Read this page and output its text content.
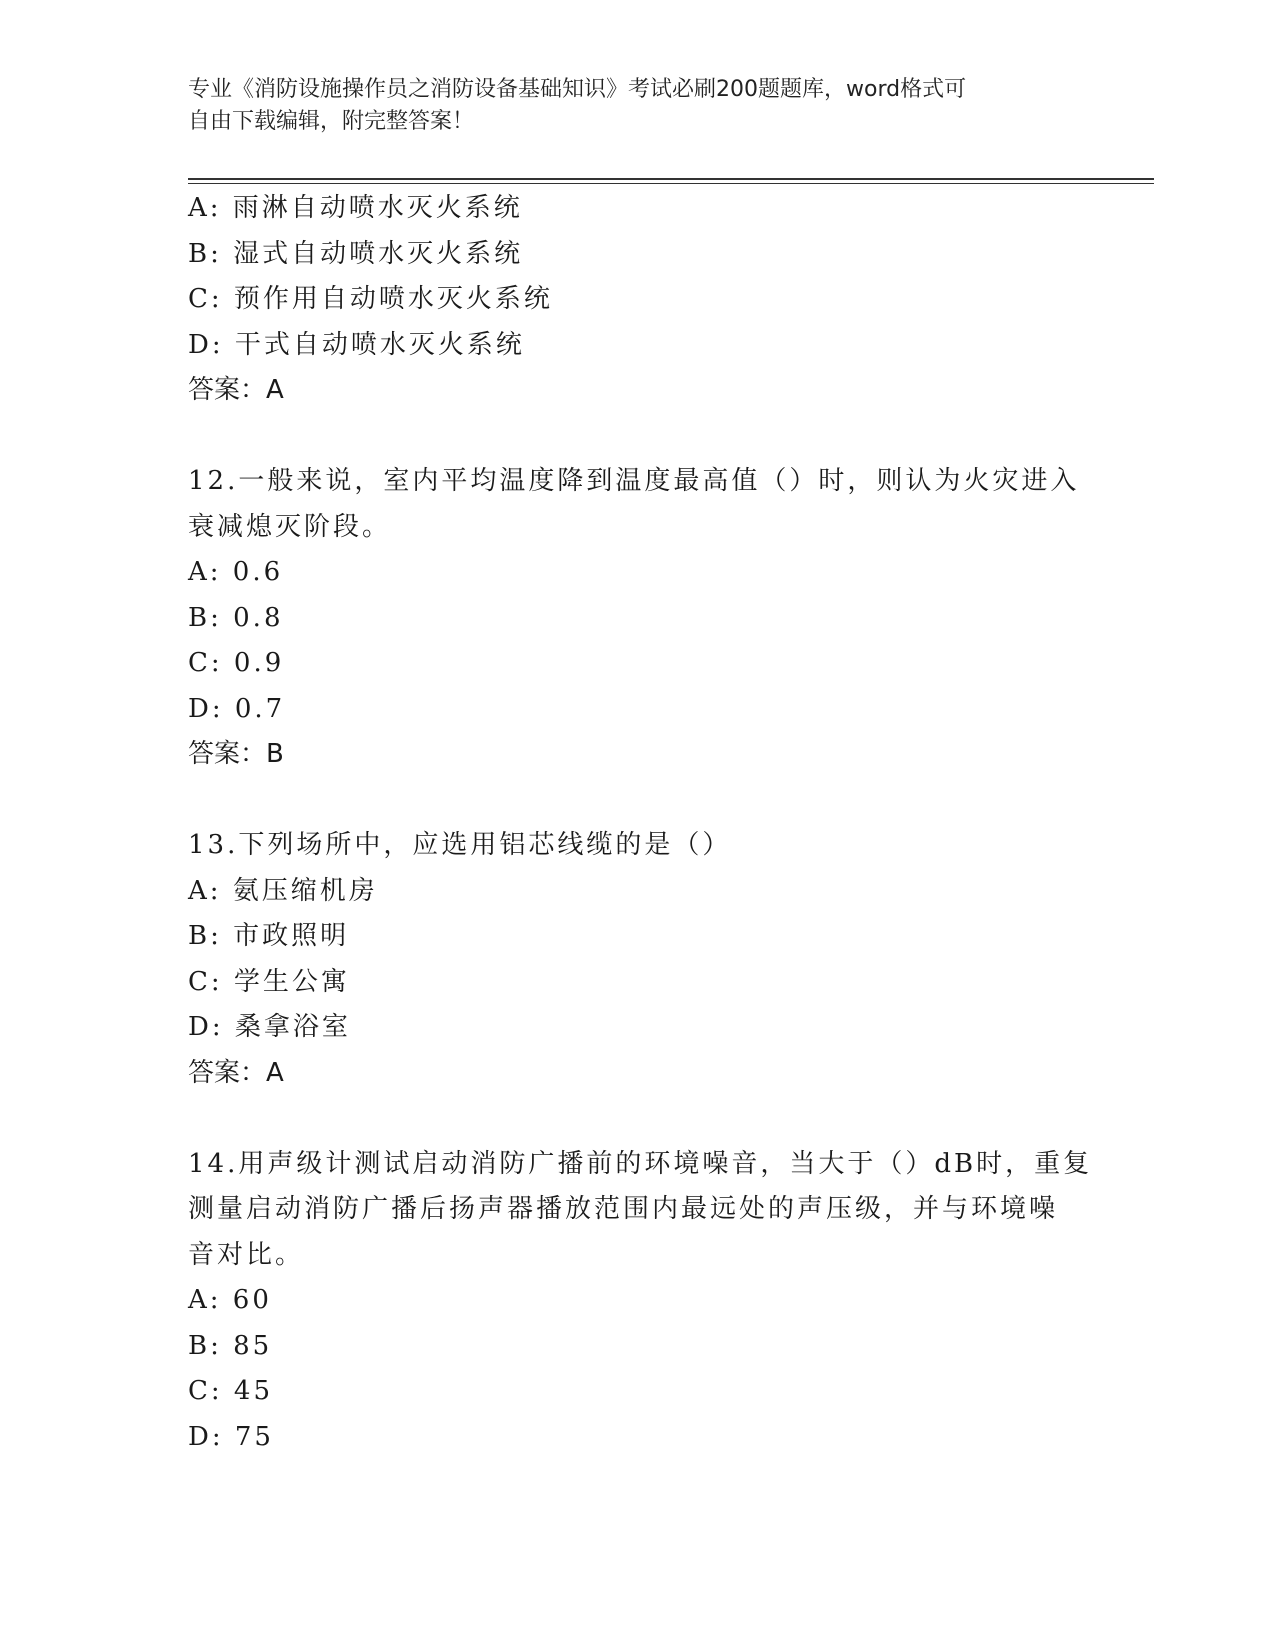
专业《消防设施操作员之消防设备基础知识》考试必刷200题题库，word格式可
自由下载编辑，附完整答案！
A: 雨淋自动喷水灭火系统
B: 湿式自动喷水灭火系统
C: 预作用自动喷水灭火系统
D: 干式自动喷水灭火系统
答案：A
12.一般来说，室内平均温度降到温度最高值（）时，则认为火灾进入
衰减熄灭阶段。
A: 0.6
B: 0.8
C: 0.9
D: 0.7
答案：B
13.下列场所中，应选用铝芯线缆的是（）
A: 氨压缩机房
B: 市政照明
C: 学生公寓
D: 桑拿浴室
答案：A
14.用声级计测试启动消防广播前的环境噪音，当大于（）dB时，重复
测量启动消防广播后扬声器播放范围内最远处的声压级，并与环境噪
音对比。
A: 60
B: 85
C: 45
D: 75
